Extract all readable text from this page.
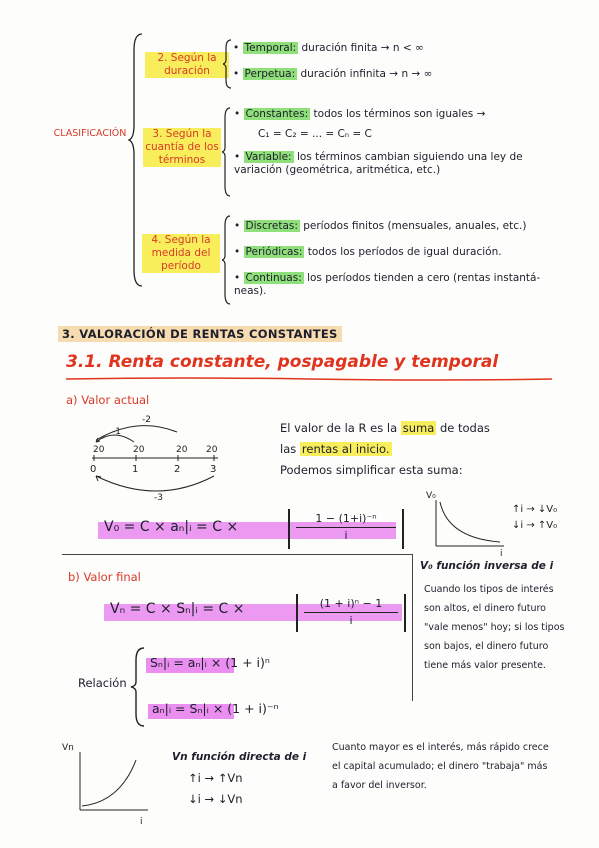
CLASIFICACIÓN
2. Según la duración
• Temporal: duración finita → n < ∞
• Perpetua: duración infinita → n → ∞
3. Según la cuantía de los términos
• Constantes: todos los términos son iguales →
C₁ = C₂ = ... = Cₙ = C
• Variable: los términos cambian siguiendo una ley de variación (geométrica, aritmética, etc.)
4. Según la medida del período
• Discretas: períodos finitos (mensuales, anuales, etc.)
• Periódicas: todos los períodos de igual duración.
• Continuas: los períodos tienden a cero (rentas instantá-neas).
3. VALORACIÓN DE RENTAS CONSTANTES
3.1. Renta constante, pospagable y temporal
a) Valor actual
-2
-1
20	20	20 20
0	1	2	3
-3
El valor de la R es la suma de todas
las rentas al inicio.
Podemos simplificar esta suma:
V₀ = C × aₙ|ᵢ = C ×
1 − (1+i)⁻ⁿ
i
V₀
i
↑i → ↓V₀
↓i → ↑V₀
b) Valor final
Vₙ = C × Sₙ|ᵢ = C ×	(1 + i)ⁿ − 1
i
Relación
Sₙ|ᵢ = aₙ|ᵢ × (1 + i)ⁿ
aₙ|ᵢ = Sₙ|ᵢ × (1 + i)⁻ⁿ
V₀ función inversa de i
Cuando los tipos de interés son altos, el dinero futuro "vale menos" hoy; si los tipos son bajos, el dinero futuro tiene más valor presente.
Vn
i
Vn función directa de i
↑i → ↑Vn
↓i → ↓Vn
Cuanto mayor es el interés, más rápido crece el capital acumulado; el dinero "trabaja" más a favor del inversor.
